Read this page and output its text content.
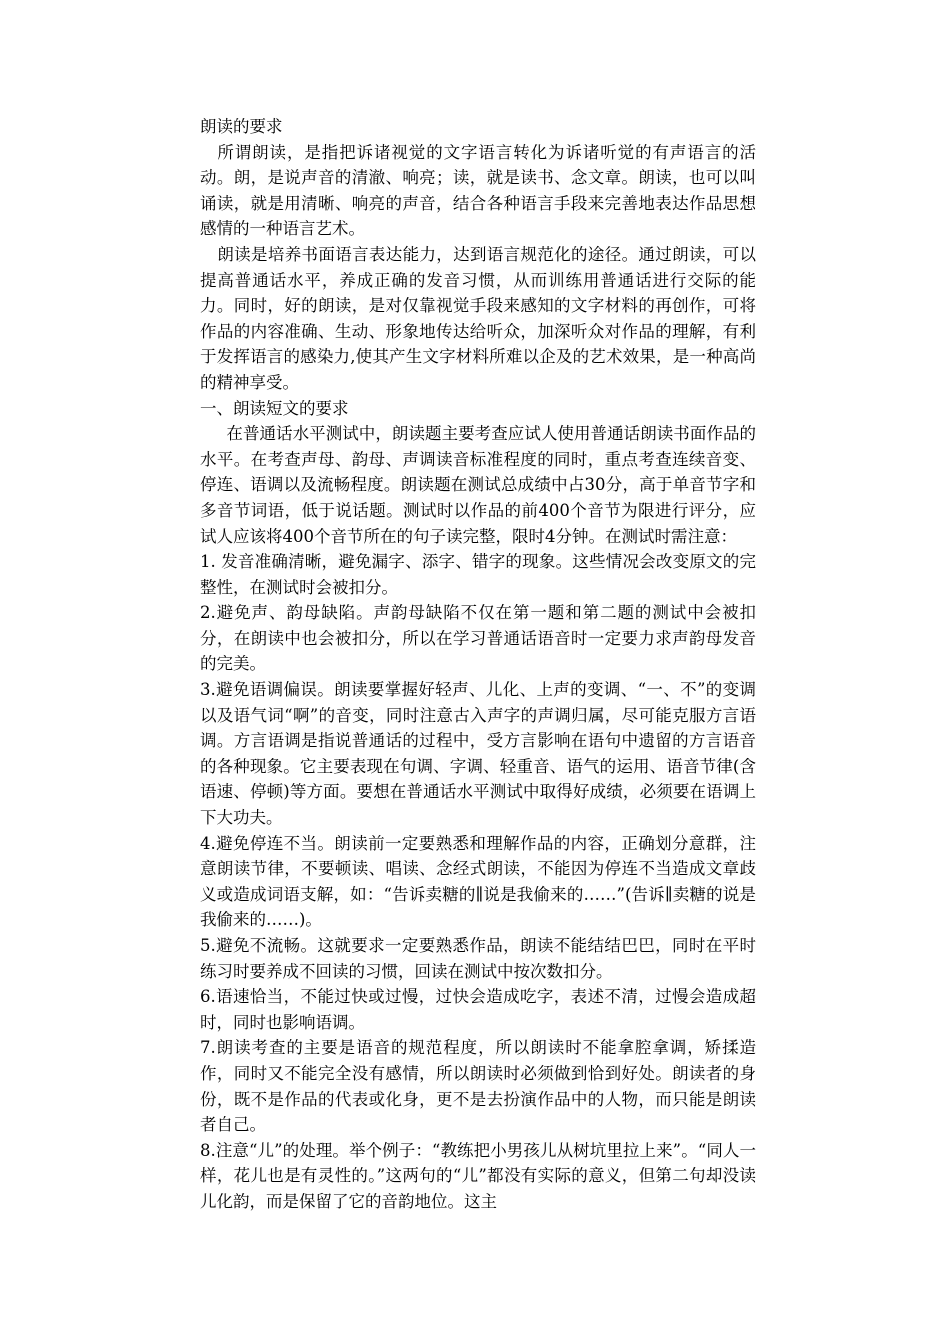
朗读的要求

所谓朗读，是指把诉诸视觉的文字语言转化为诉诸听觉的有声语言的活动。朗，是说声音的清澈、响亮；读，就是读书、念文章。朗读，也可以叫诵读，就是用清晰、响亮的声音，结合各种语言手段来完善地表达作品思想感情的一种语言艺术。

朗读是培养书面语言表达能力，达到语言规范化的途径。通过朗读，可以提高普通话水平，养成正确的发音习惯，从而训练用普通话进行交际的能力。同时，好的朗读，是对仅靠视觉手段来感知的文字材料的再创作，可将作品的内容准确、生动、形象地传达给听众，加深听众对作品的理解，有利于发挥语言的感染力,使其产生文字材料所难以企及的艺术效果，是一种高尚的精神享受。

一、朗读短文的要求

在普通话水平测试中，朗读题主要考查应试人使用普通话朗读书面作品的水平。在考查声母、韵母、声调读音标准程度的同时，重点考查连续音变、停连、语调以及流畅程度。朗读题在测试总成绩中占30分，高于单音节字和多音节词语，低于说话题。测试时以作品的前400个音节为限进行评分，应试人应该将400个音节所在的句子读完整，限时4分钟。在测试时需注意：

1. 发音准确清晰，避免漏字、添字、错字的现象。这些情况会改变原文的完整性，在测试时会被扣分。

2.避免声、韵母缺陷。声韵母缺陷不仅在第一题和第二题的测试中会被扣分，在朗读中也会被扣分，所以在学习普通话语音时一定要力求声韵母发音的完美。

3.避免语调偏误。朗读要掌握好轻声、儿化、上声的变调、“一、不”的变调以及语气词“啊”的音变，同时注意古入声字的声调归属，尽可能克服方言语调。方言语调是指说普通话的过程中，受方言影响在语句中遗留的方言语音的各种现象。它主要表现在句调、字调、轻重音、语气的运用、语音节律(含语速、停顿)等方面。要想在普通话水平测试中取得好成绩，必须要在语调上下大功夫。

4.避免停连不当。朗读前一定要熟悉和理解作品的内容，正确划分意群，注意朗读节律，不要顿读、唱读、念经式朗读，不能因为停连不当造成文章歧义或造成词语支解，如：“告诉卖糖的∥说是我偷来的……”(告诉∥卖糖的说是我偷来的……)。

5.避免不流畅。这就要求一定要熟悉作品，朗读不能结结巴巴，同时在平时练习时要养成不回读的习惯，回读在测试中按次数扣分。

6.语速恰当，不能过快或过慢，过快会造成吃字，表述不清，过慢会造成超时，同时也影响语调。

7.朗读考查的主要是语音的规范程度，所以朗读时不能拿腔拿调，矫揉造作，同时又不能完全没有感情，所以朗读时必须做到恰到好处。朗读者的身份，既不是作品的代表或化身，更不是去扮演作品中的人物，而只能是朗读者自己。

8.注意“儿”的处理。举个例子：“教练把小男孩儿从树坑里拉上来”。“同人一样，花儿也是有灵性的。”这两句的“儿”都没有实际的意义，但第二句却没读儿化韵，而是保留了它的音韵地位。这主
